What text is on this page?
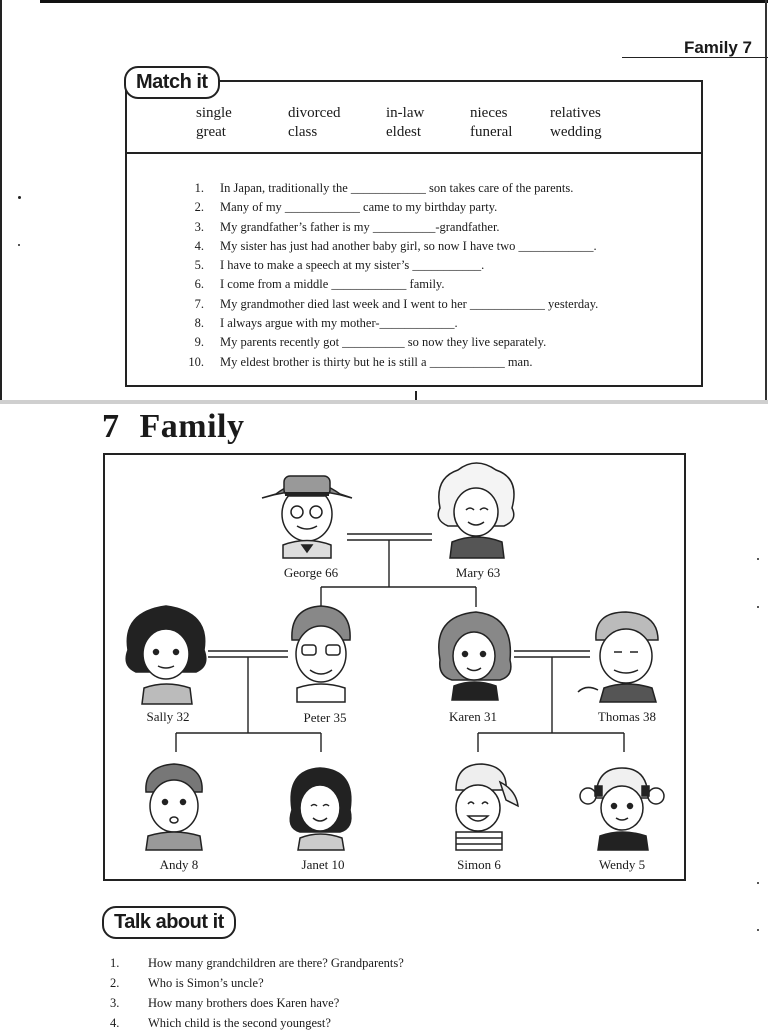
Family 7
Match it
single	divorced	in-law	nieces	relatives
great	class	eldest	funeral	wedding
1. In Japan, traditionally the ____________ son takes care of the parents.
2. Many of my ____________ came to my birthday party.
3. My grandfather’s father is my __________-grandfather.
4. My sister has just had another baby girl, so now I have two ____________.
5. I have to make a speech at my sister’s ___________.
6. I come from a middle ____________ family.
7. My grandmother died last week and I went to her ____________ yesterday.
8. I always argue with my mother-____________.
9. My parents recently got __________ so now they live separately.
10. My eldest brother is thirty but he is still a ____________ man.
7 Family
George 66	Mary 63
Sally 32	Peter 35	Karen 31	Thomas 38
Andy 8	Janet 10	Simon 6	Wendy 5
Talk about it
1.	How many grandchildren are there? Grandparents?
2.	Who is Simon’s uncle?
3.	How many brothers does Karen have?
4.	Which child is the second youngest?
